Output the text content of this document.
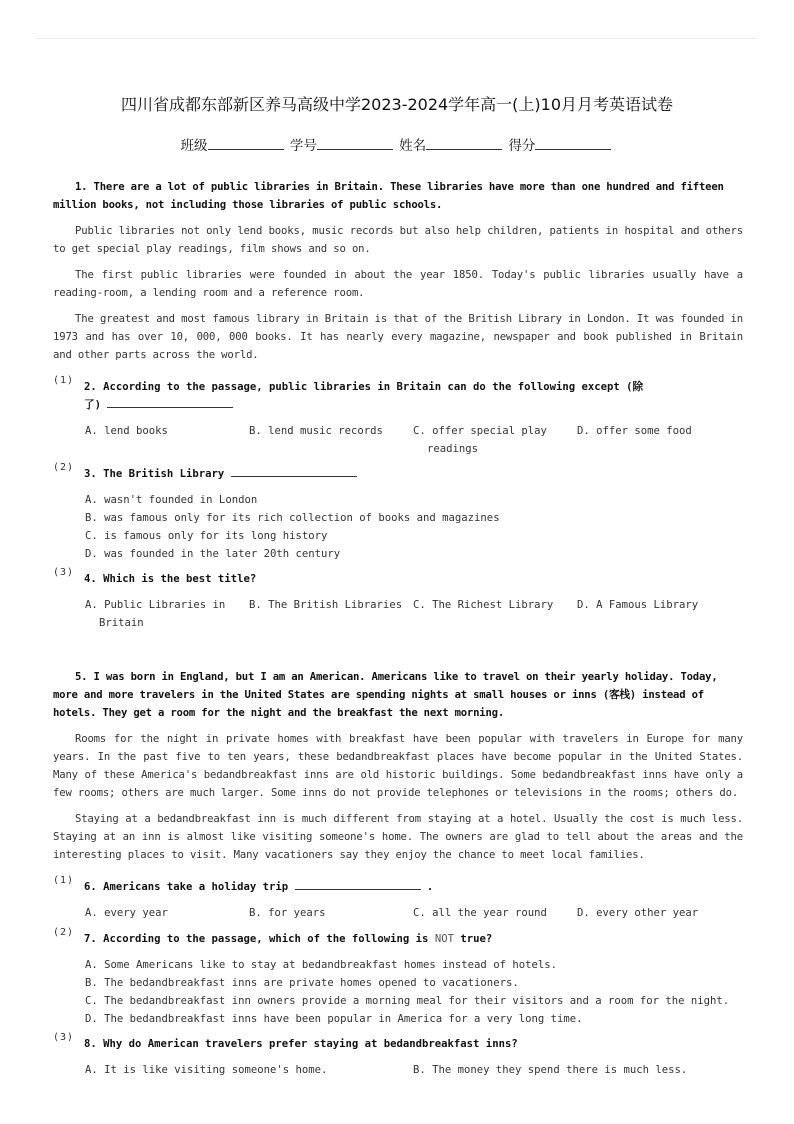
四川省成都东部新区养马高级中学2023-2024学年高一(上)10月月考英语试卷
班级	学号	姓名	得分

1. There are a lot of public libraries in Britain. These libraries have more than one hundred and fifteen million books, not including those libraries of public schools.

Public libraries not only lend books, music records but also help children, patients in hospital and others to get special play readings, film shows and so on.

The first public libraries were founded in about the year 1850. Today's public libraries usually have a reading-room, a lending room and a reference room.

The greatest and most famous library in Britain is that of the British Library in London. It was founded in 1973 and has over 10, 000, 000 books. It has nearly every magazine, newspaper and book published in Britain and other parts across the world.

(1)
2. According to the passage, public libraries in Britain can do the following except (除
了)
A. lend books	B. lend music records	C. offer special play readings
D. offer some food
(2)
3. The British Library
A. wasn't founded in London
B. was famous only for its rich collection of books and magazines
C. is famous only for its long history
D. was founded in the later 20th century
(3)
4. Which is the best title?
A. Public Libraries in Britain
B. The British Libraries	C. The Richest Library	D. A Famous Library

5. I was born in England, but I am an American. Americans like to travel on their yearly holiday. Today, more and more travelers in the United States are spending nights at small houses or inns (客栈) instead of hotels. They get a room for the night and the breakfast the next morning.

Rooms for the night in private homes with breakfast have been popular with travelers in Europe for many years. In the past five to ten years, these bedandbreakfast places have become popular in the United States. Many of these America's bedandbreakfast inns are old historic buildings. Some bedandbreakfast inns have only a few rooms; others are much larger. Some inns do not provide telephones or televisions in the rooms; others do.

Staying at a bedandbreakfast inn is much different from staying at a hotel. Usually the cost is much less. Staying at an inn is almost like visiting someone's home. The owners are glad to tell about the areas and the interesting places to visit. Many vacationers say they enjoy the chance to meet local families.

(1)
6. Americans take a holiday trip	.
A. every year	B. for years	C. all the year round	D. every other year
(2)
7. According to the passage, which of the following is NOT true?
A. Some Americans like to stay at bedandbreakfast homes instead of hotels.
B. The bedandbreakfast inns are private homes opened to vacationers.
C. The bedandbreakfast inn owners provide a morning meal for their visitors and a room for the night.
D. The bedandbreakfast inns have been popular in America for a very long time.
(3)
8. Why do American travelers prefer staying at bedandbreakfast inns?
A. It is like visiting someone's home.	B. The money they spend there is much less.
